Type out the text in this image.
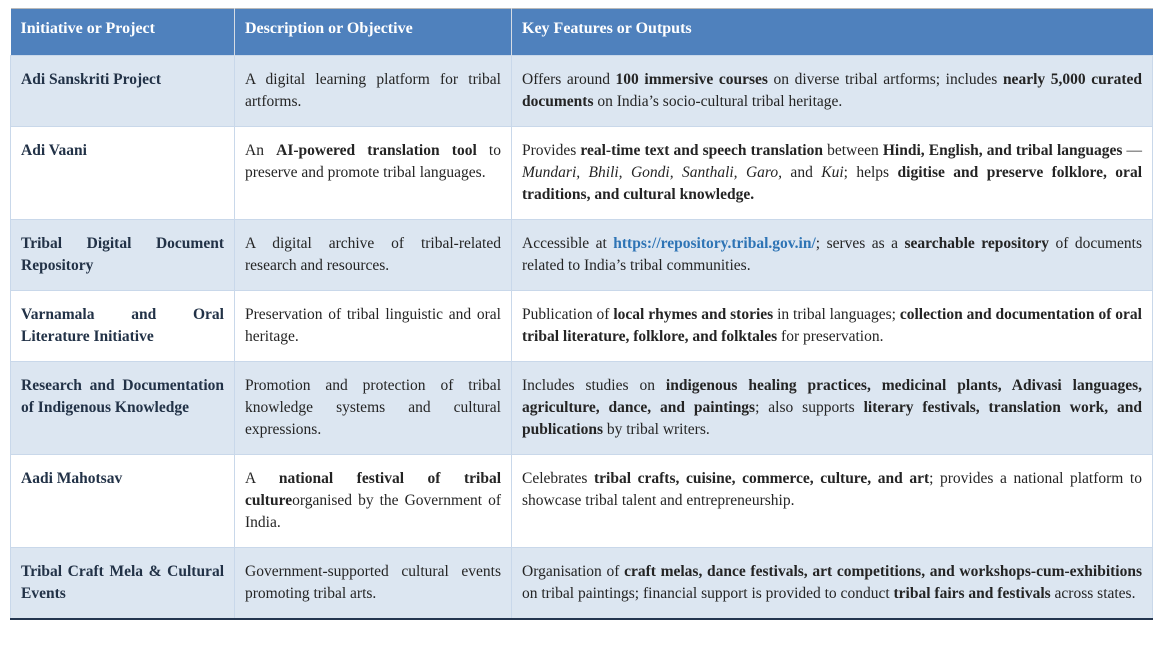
Initiative or Project	Description or Objective	Key Features or Outputs
Adi Sanskriti Project	A digital learning platform for tribal artforms.	Offers around 100 immersive courses on diverse tribal artforms; includes nearly 5,000 curated documents on India’s socio-cultural tribal heritage.
Adi Vaani	An AI-powered translation tool to preserve and promote tribal languages.	Provides real-time text and speech translation between Hindi, English, and tribal languages — Mundari, Bhili, Gondi, Santhali, Garo, and Kui; helps digitise and preserve folklore, oral traditions, and cultural knowledge.
Tribal Digital Document Repository	A digital archive of tribal-related research and resources.	Accessible at https://repository.tribal.gov.in/; serves as a searchable repository of documents related to India’s tribal communities.
Varnamala and Oral Literature Initiative	Preservation of tribal linguistic and oral heritage.	Publication of local rhymes and stories in tribal languages; collection and documentation of oral tribal literature, folklore, and folktales for preservation.
Research and Documentation of Indigenous Knowledge	Promotion and protection of tribal knowledge systems and cultural expressions.	Includes studies on indigenous healing practices, medicinal plants, Adivasi languages, agriculture, dance, and paintings; also supports literary festivals, translation work, and publications by tribal writers.
Aadi Mahotsav	A national festival of tribal cultureorganised by the Government of India.	Celebrates tribal crafts, cuisine, commerce, culture, and art; provides a national platform to showcase tribal talent and entrepreneurship.
Tribal Craft Mela & Cultural Events	Government-supported cultural events promoting tribal arts.	Organisation of craft melas, dance festivals, art competitions, and workshops-cum-exhibitions on tribal paintings; financial support is provided to conduct tribal fairs and festivals across states.
